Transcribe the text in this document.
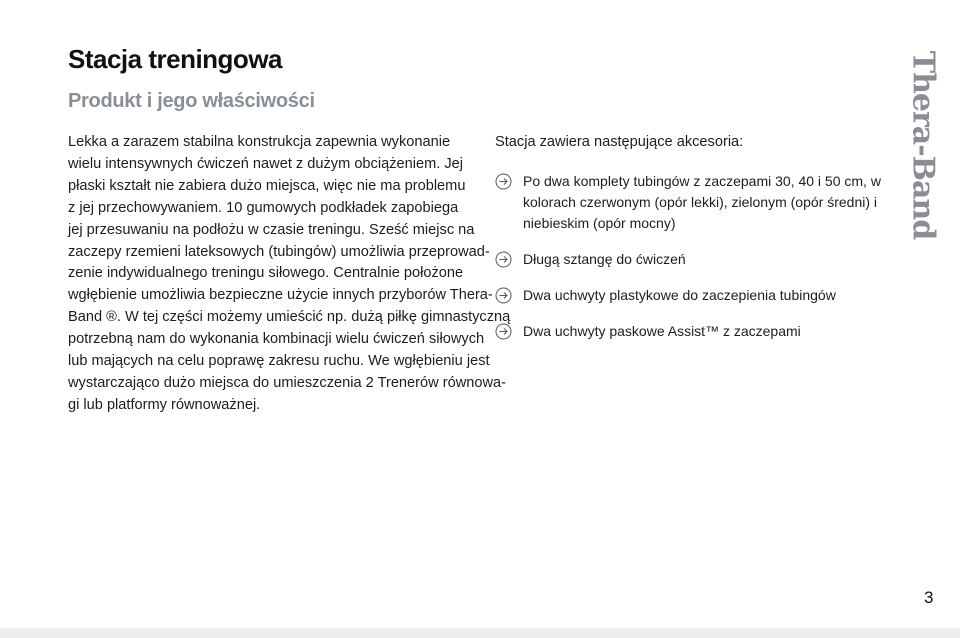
Stacja treningowa
Produkt i jego właściwości
Lekka a zarazem stabilna konstrukcja zapewnia wykonanie
wielu intensywnych ćwiczeń nawet z dużym obciążeniem. Jej
płaski kształt nie zabiera dużo miejsca, więc nie ma problemu
z jej przechowywaniem. 10 gumowych podkładek zapobiega
jej przesuwaniu na podłożu w czasie treningu. Sześć miejsc na
zaczepy rzemieni lateksowych (tubingów) umożliwia przeprowad-
zenie indywidualnego treningu siłowego. Centralnie położone
wgłębienie umożliwia bezpieczne użycie innych przyborów Thera-
Band ®. W tej części możemy umieścić np. dużą piłkę gimnastyczną
potrzebną nam do wykonania kombinacji wielu ćwiczeń siłowych
lub mających na celu poprawę zakresu ruchu. We wgłębieniu jest
wystarczająco dużo miejsca do umieszczenia 2 Trenerów równowa-
gi lub platformy równoważnej.

Stacja zawiera następujące akcesoria:

Po dwa komplety tubingów z zaczepami 30, 40 i 50 cm, w
kolorach czerwonym (opór lekki), zielonym (opór średni) i
niebieskim (opór mocny)
Długą sztangę do ćwiczeń
Dwa uchwyty plastykowe do zaczepienia tubingów
Dwa uchwyty paskowe Assist™ z zaczepami
Thera-Band
3
